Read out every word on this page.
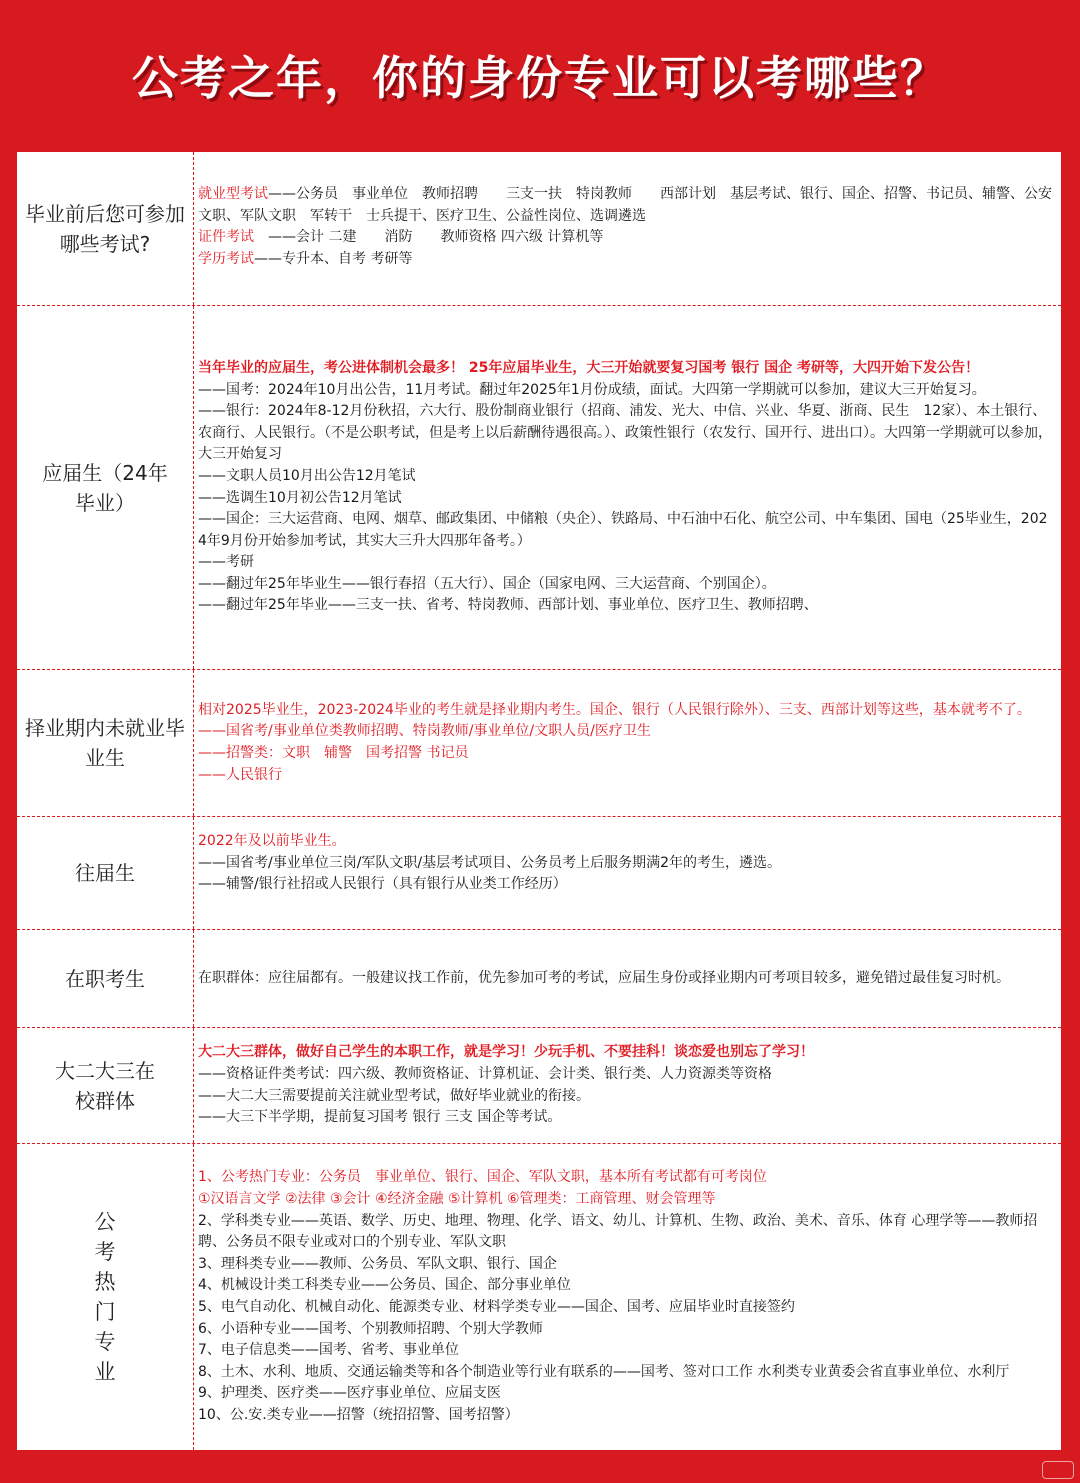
公考之年，你的身份专业可以考哪些？
毕业前后您可参加哪些考试?

就业型考试——公务员　事业单位　教师招聘　　三支一扶　特岗教师　　西部计划　基层考试、银行、国企、招警、书记员、辅警、公安文职、军队文职　军转干　士兵提干、医疗卫生、公益性岗位、选调遴选

证件考试　——会计 二建　　消防　　教师资格 四六级 计算机等

学历考试——专升本、自考 考研等

应届生（24年毕业）

当年毕业的应届生，考公进体制机会最多！ 25年应届毕业生，大三开始就要复习国考 银行 国企 考研等，大四开始下发公告！

——国考：2024年10月出公告，11月考试。翻过年2025年1月份成绩，面试。大四第一学期就可以参加，建议大三开始复习。

——银行：2024年8-12月份秋招，六大行、股份制商业银行（招商、浦发、光大、中信、兴业、华夏、浙商、民生　12家）、本土银行、农商行、人民银行。（不是公职考试，但是考上以后薪酬待遇很高。）、政策性银行（农发行、国开行、进出口）。大四第一学期就可以参加，大三开始复习

——文职人员10月出公告12月笔试

——选调生10月初公告12月笔试

——国企：三大运营商、电网、烟草、邮政集团、中储粮（央企）、铁路局、中石油中石化、航空公司、中车集团、国电（25毕业生，2024年9月份开始参加考试，其实大三升大四那年备考。）

——考研

——翻过年25年毕业生——银行春招（五大行）、国企（国家电网、三大运营商、个别国企）。

——翻过年25年毕业——三支一扶、省考、特岗教师、西部计划、事业单位、医疗卫生、教师招聘、

择业期内未就业毕业生

相对2025毕业生，2023-2024毕业的考生就是择业期内考生。国企、银行（人民银行除外）、三支、西部计划等这些，基本就考不了。

——国省考/事业单位类教师招聘、特岗教师/事业单位/文职人员/医疗卫生

——招警类：文职　辅警　国考招警 书记员

——人民银行

往届生

2022年及以前毕业生。

——国省考/事业单位三岗/军队文职/基层考试项目、公务员考上后服务期满2年的考生，遴选。

——辅警/银行社招或人民银行（具有银行从业类工作经历）

在职考生	在职群体：应往届都有。一般建议找工作前，优先参加可考的考试，应届生身份或择业期内可考项目较多，避免错过最佳复习时机。

大二大三在校群体

大二大三群体，做好自己学生的本职工作，就是学习！少玩手机、不要挂科！谈恋爱也别忘了学习！

——资格证件类考试：四六级、教师资格证、计算机证、会计类、银行类、人力资源类等资格

——大二大三需要提前关注就业型考试，做好毕业就业的衔接。

——大三下半学期，提前复习国考 银行 三支 国企等考试。

公考热门专业

1、公考热门专业：公务员　事业单位、银行、国企、军队文职，基本所有考试都有可考岗位

①汉语言文学 ②法律 ③会计 ④经济金融 ⑤计算机 ⑥管理类：工商管理、财会管理等

2、学科类专业——英语、数学、历史、地理、物理、化学、语文、幼儿、计算机、生物、政治、美术、音乐、体育 心理学等——教师招聘、公务员不限专业或对口的个别专业、军队文职

3、理科类专业——教师、公务员、军队文职、银行、国企

4、机械设计类工科类专业——公务员、国企、部分事业单位

5、电气自动化、机械自动化、能源类专业、材料学类专业——国企、国考、应届毕业时直接签约

6、小语种专业——国考、个别教师招聘、个别大学教师

7、电子信息类——国考、省考、事业单位

8、土木、水利、地质、交通运输类等和各个制造业等行业有联系的——国考、签对口工作 水利类专业黄委会省直事业单位、水利厅

9、护理类、医疗类——医疗事业单位、应届支医

10、公.安.类专业——招警（统招招警、国考招警）
